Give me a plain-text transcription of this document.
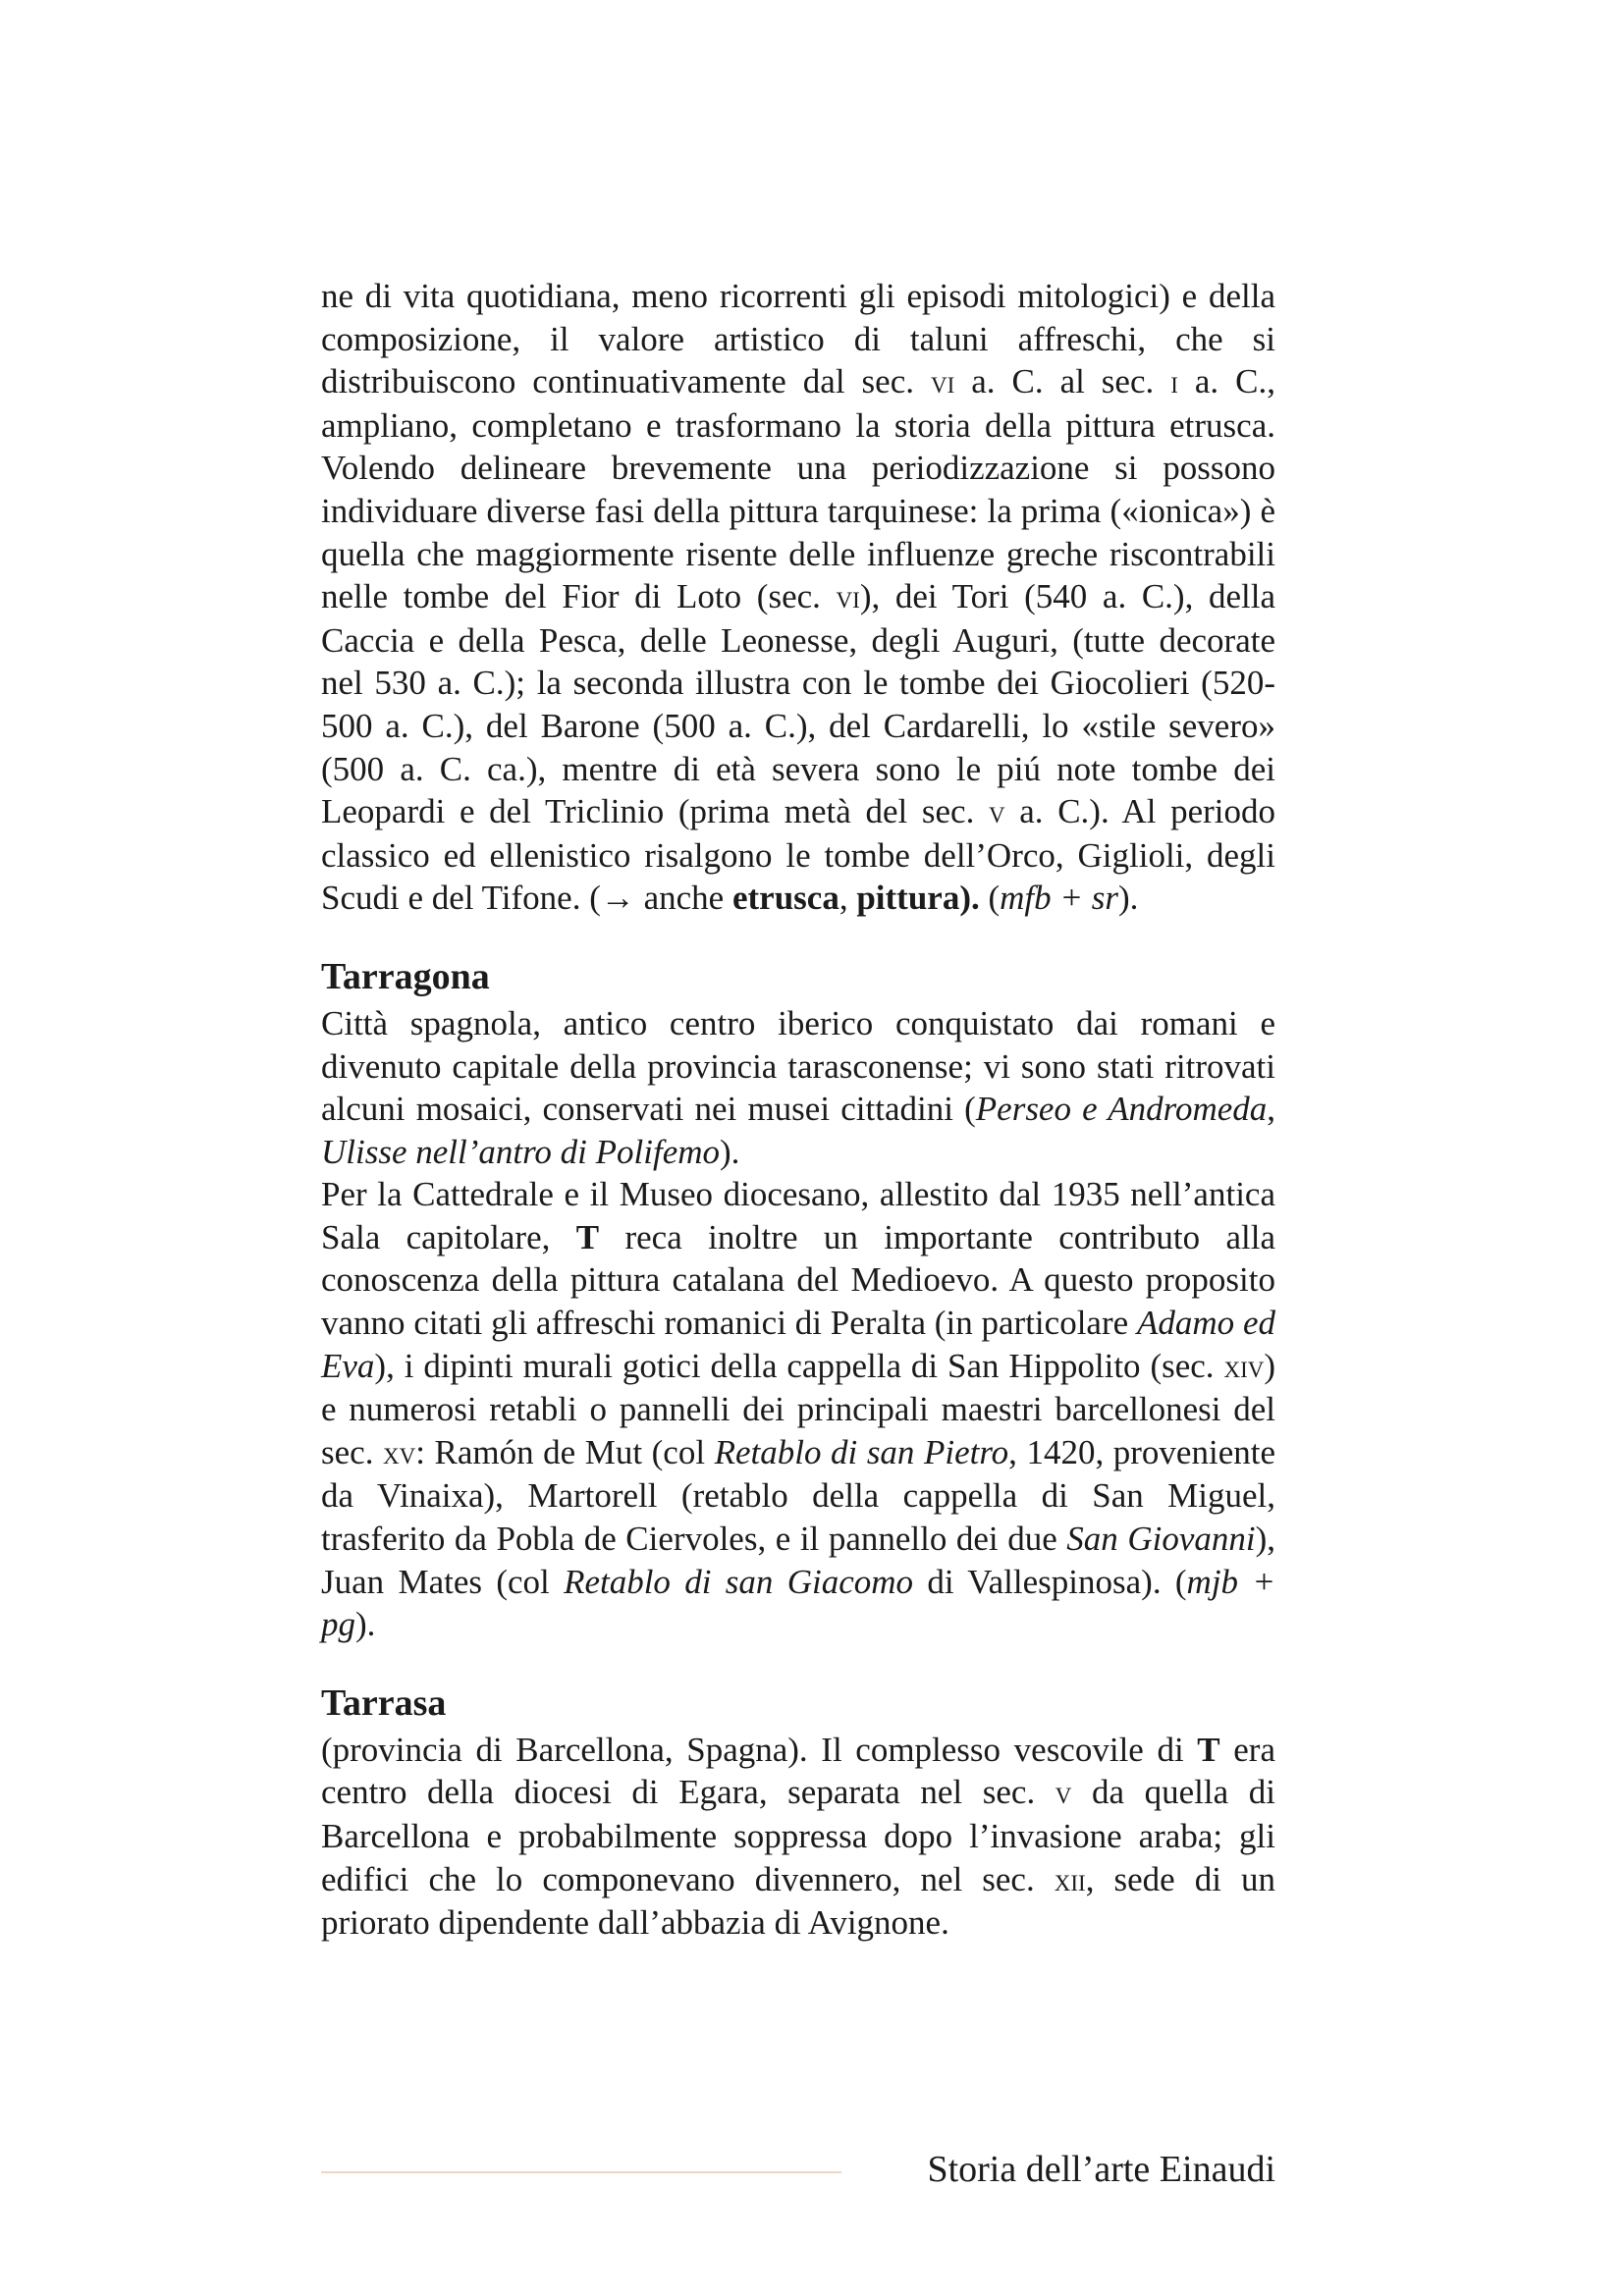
ne di vita quotidiana, meno ricorrenti gli episodi mitologici) e della composizione, il valore artistico di taluni affreschi, che si distribuiscono continuativamente dal sec. vi a. C. al sec. i a. C., ampliano, completano e trasformano la storia della pittura etrusca. Volendo delineare brevemente una periodizzazione si possono individuare diverse fasi della pittura tarquinese: la prima («ionica») è quella che maggiormente risente delle influenze greche riscontrabili nelle tombe del Fior di Loto (sec. vi), dei Tori (540 a. C.), della Caccia e della Pesca, delle Leonesse, degli Auguri, (tutte decorate nel 530 a. C.); la seconda illustra con le tombe dei Giocolieri (520-500 a. C.), del Barone (500 a. C.), del Cardarelli, lo «stile severo» (500 a. C. ca.), mentre di età severa sono le piú note tombe dei Leopardi e del Triclinio (prima metà del sec. v a. C.). Al periodo classico ed ellenistico risalgono le tombe dell’Orco, Giglioli, degli Scudi e del Tifone. (→ anche etrusca, pittura). (mfb + sr).

Tarragona

Città spagnola, antico centro iberico conquistato dai romani e divenuto capitale della provincia tarasconense; vi sono stati ritrovati alcuni mosaici, conservati nei musei cittadini (Perseo e Andromeda, Ulisse nell’antro di Polifemo).

Per la Cattedrale e il Museo diocesano, allestito dal 1935 nell’antica Sala capitolare, T reca inoltre un importante contributo alla conoscenza della pittura catalana del Medioevo. A questo proposito vanno citati gli affreschi romanici di Peralta (in particolare Adamo ed Eva), i dipinti murali gotici della cappella di San Hippolito (sec. xiv) e numerosi retabli o pannelli dei principali maestri barcellonesi del sec. xv: Ramón de Mut (col Retablo di san Pietro, 1420, proveniente da Vinaixa), Martorell (retablo della cappella di San Miguel, trasferito da Pobla de Ciervoles, e il pannello dei due San Giovanni), Juan Mates (col Retablo di san Giacomo di Vallespinosa). (mjb + pg).

Tarrasa

(provincia di Barcellona, Spagna). Il complesso vescovile di T era centro della diocesi di Egara, separata nel sec. v da quella di Barcellona e probabilmente soppressa dopo l’invasione araba; gli edifici che lo componevano divennero, nel sec. xii, sede di un priorato dipendente dall’abbazia di Avignone.

Storia dell’arte Einaudi
